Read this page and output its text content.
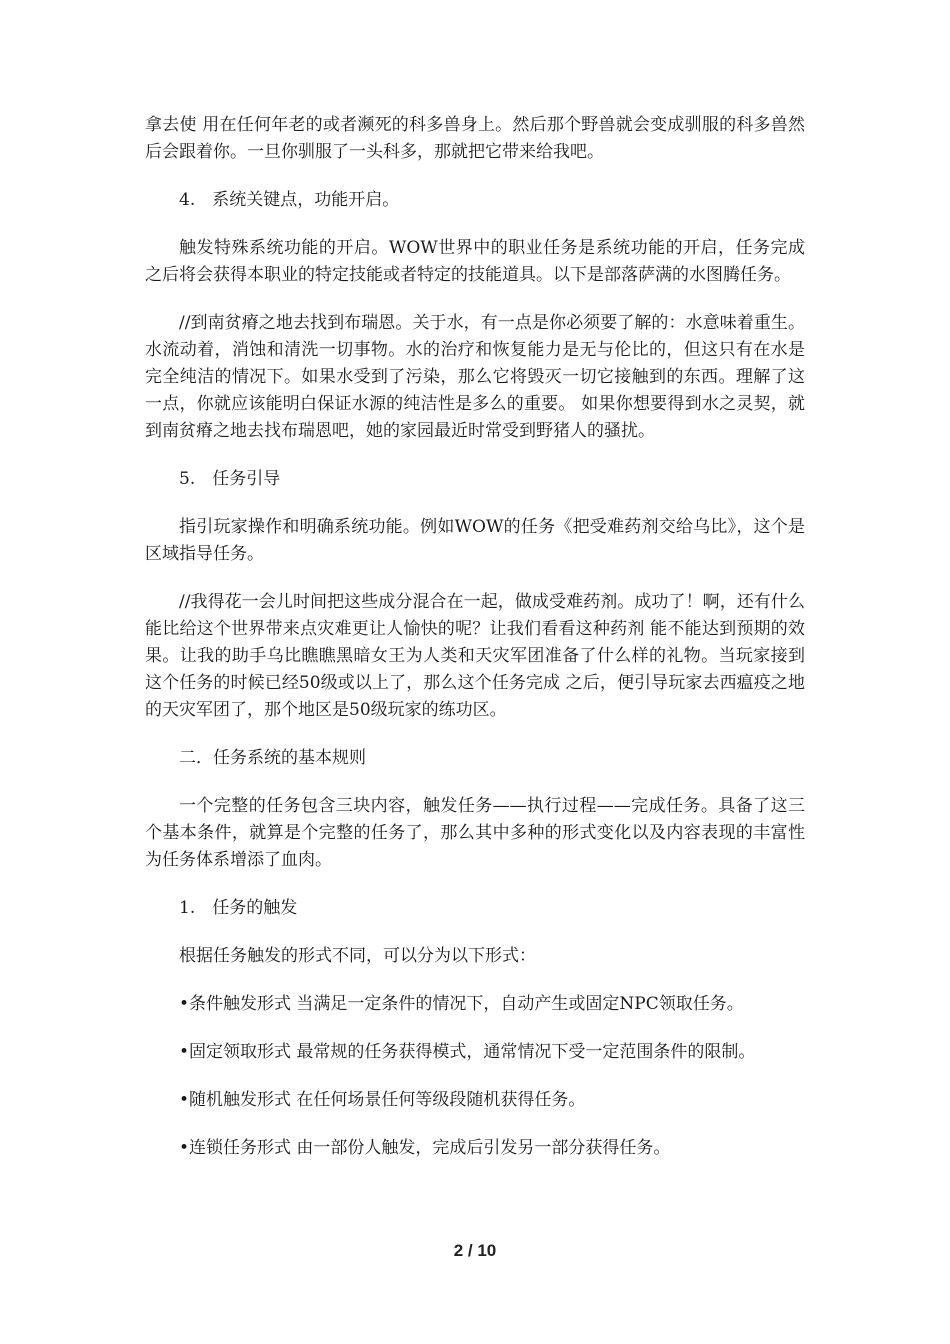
拿去使 用在任何年老的或者濒死的科多兽身上。然后那个野兽就会变成驯服的科多兽然后会跟着你。一旦你驯服了一头科多，那就把它带来给我吧。

4.　系统关键点，功能开启。

触发特殊系统功能的开启。WOW世界中的职业任务是系统功能的开启，任务完成之后将会获得本职业的特定技能或者特定的技能道具。以下是部落萨满的水图腾任务。

//到南贫瘠之地去找到布瑞恩。关于水，有一点是你必须要了解的：水意味着重生。水流动着，消蚀和清洗一切事物。水的治疗和恢复能力是无与伦比的，但这只有在水是完全纯洁的情况下。如果水受到了污染，那么它将毁灭一切它接触到的东西。理解了这一点，你就应该能明白保证水源的纯洁性是多么的重要。 如果你想要得到水之灵契，就到南贫瘠之地去找布瑞恩吧，她的家园最近时常受到野猪人的骚扰。

5.　任务引导

指引玩家操作和明确系统功能。例如WOW的任务《把受难药剂交给乌比》，这个是区域指导任务。

//我得花一会儿时间把这些成分混合在一起，做成受难药剂。成功了！啊，还有什么能比给这个世界带来点灾难更让人愉快的呢？让我们看看这种药剂 能不能达到预期的效果。让我的助手乌比瞧瞧黑暗女王为人类和天灾军团准备了什么样的礼物。当玩家接到这个任务的时候已经50级或以上了，那么这个任务完成 之后，便引导玩家去西瘟疫之地的天灾军团了，那个地区是50级玩家的练功区。

二．任务系统的基本规则

一个完整的任务包含三块内容，触发任务——执行过程——完成任务。具备了这三个基本条件，就算是个完整的任务了，那么其中多种的形式变化以及内容表现的丰富性为任务体系增添了血肉。

1.　任务的触发

根据任务触发的形式不同，可以分为以下形式：

•条件触发形式 当满足一定条件的情况下，自动产生或固定NPC领取任务。

•固定领取形式 最常规的任务获得模式，通常情况下受一定范围条件的限制。

•随机触发形式 在任何场景任何等级段随机获得任务。

•连锁任务形式 由一部份人触发，完成后引发另一部分获得任务。

2 / 10
